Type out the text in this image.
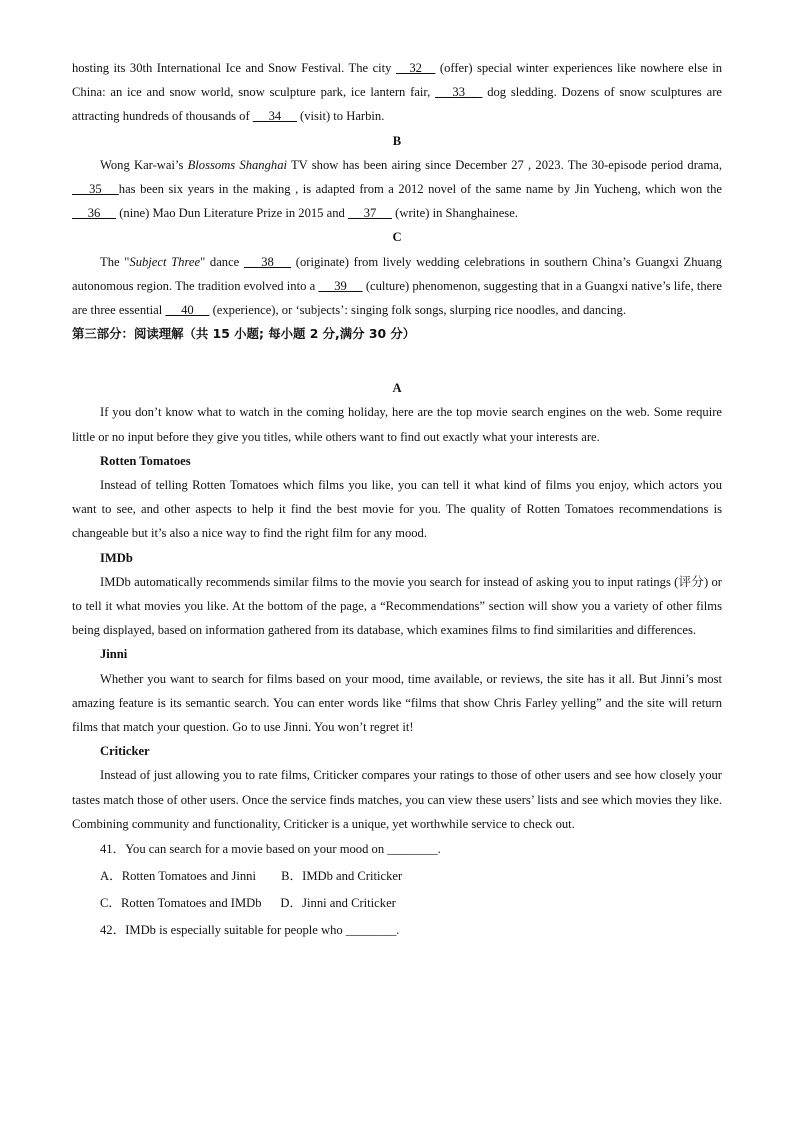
hosting its 30th International Ice and Snow Festival. The city    32    (offer) special winter experiences like nowhere else in China: an ice and snow world, snow sculpture park, ice lantern fair,  __33__  dog sledding. Dozens of snow sculptures are attracting hundreds of thousands of  __34__  (visit) to Harbin.

B

Wong Kar-wai’s Blossoms Shanghai TV show has been airing since December 27 , 2023. The 30-episode period drama,  __35__ has been six years in the making , is adapted from a 2012 novel of the same name by Jin Yucheng, which won the  __36__  (nine) Mao Dun Literature Prize in 2015 and  __37__  (write) in Shanghainese.

C

The "Subject Three" dance  __38__  (originate) from lively wedding celebrations in southern China’s Guangxi Zhuang autonomous region. The tradition evolved into a  __39__  (culture) phenomenon, suggesting that in a Guangxi native’s life, there are three essential  __40__  (experience), or ‘subjects’: singing folk songs, slurping rice noodles, and dancing.

第三部分：阅读理解（共 15 小题; 每小题 2 分,满分 30 分）

A

If you don’t know what to watch in the coming holiday, here are the top movie search engines on the web. Some require little or no input before they give you titles, while others want to find out exactly what your interests are.

Rotten Tomatoes

Instead of telling Rotten Tomatoes which films you like, you can tell it what kind of films you enjoy, which actors you want to see, and other aspects to help it find the best movie for you. The quality of Rotten Tomatoes recommendations is changeable but it’s also a nice way to find the right film for any mood.

IMDb

IMDb automatically recommends similar films to the movie you search for instead of asking you to input ratings (评分) or to tell it what movies you like. At the bottom of the page, a “Recommendations” section will show you a variety of other films being displayed, based on information gathered from its database, which examines films to find similarities and differences.

Jinni

Whether you want to search for films based on your mood, time available, or reviews, the site has it all. But Jinni’s most amazing feature is its semantic search. You can enter words like “films that show Chris Farley yelling” and the site will return films that match your question. Go to use Jinni. You won’t regret it!

Criticker

Instead of just allowing you to rate films, Criticker compares your ratings to those of other users and see how closely your tastes match those of other users. Once the service finds matches, you can view these users’ lists and see which movies they like. Combining community and functionality, Criticker is a unique, yet worthwhile service to check out.

41．You can search for a movie based on your mood on ________.

A．Rotten Tomatoes and Jinni        B．IMDb and Criticker

C．Rotten Tomatoes and IMDb      D．Jinni and Criticker

42．IMDb is especially suitable for people who ________.
